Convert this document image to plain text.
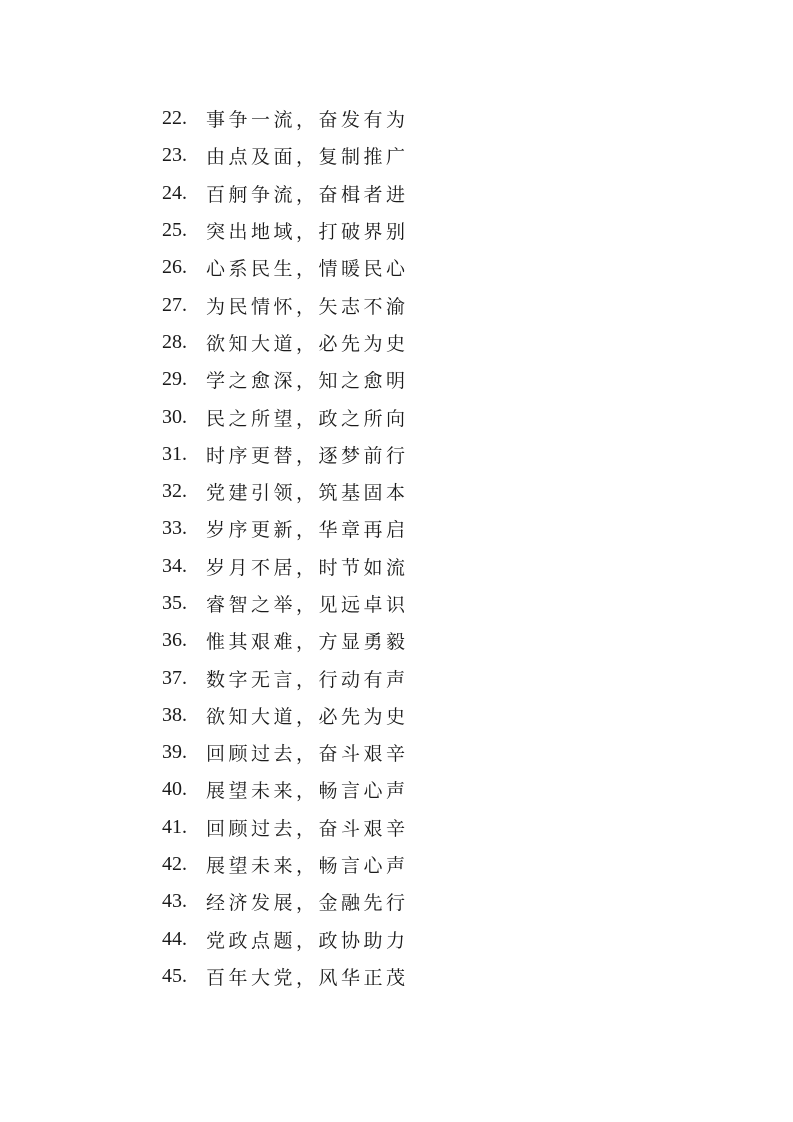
22.	事争一流，奋发有为
23.	由点及面，复制推广
24.	百舸争流，奋楫者进
25.	突出地域，打破界别
26.	心系民生，情暖民心
27.	为民情怀，矢志不渝
28.	欲知大道，必先为史
29.	学之愈深，知之愈明
30.	民之所望，政之所向
31.	时序更替，逐梦前行
32.	党建引领，筑基固本
33.	岁序更新，华章再启
34.	岁月不居，时节如流
35.	睿智之举，见远卓识
36.	惟其艰难，方显勇毅
37.	数字无言，行动有声
38.	欲知大道，必先为史
39.	回顾过去，奋斗艰辛
40.	展望未来，畅言心声
41.	回顾过去，奋斗艰辛
42.	展望未来，畅言心声
43.	经济发展，金融先行
44.	党政点题，政协助力
45.	百年大党，风华正茂
